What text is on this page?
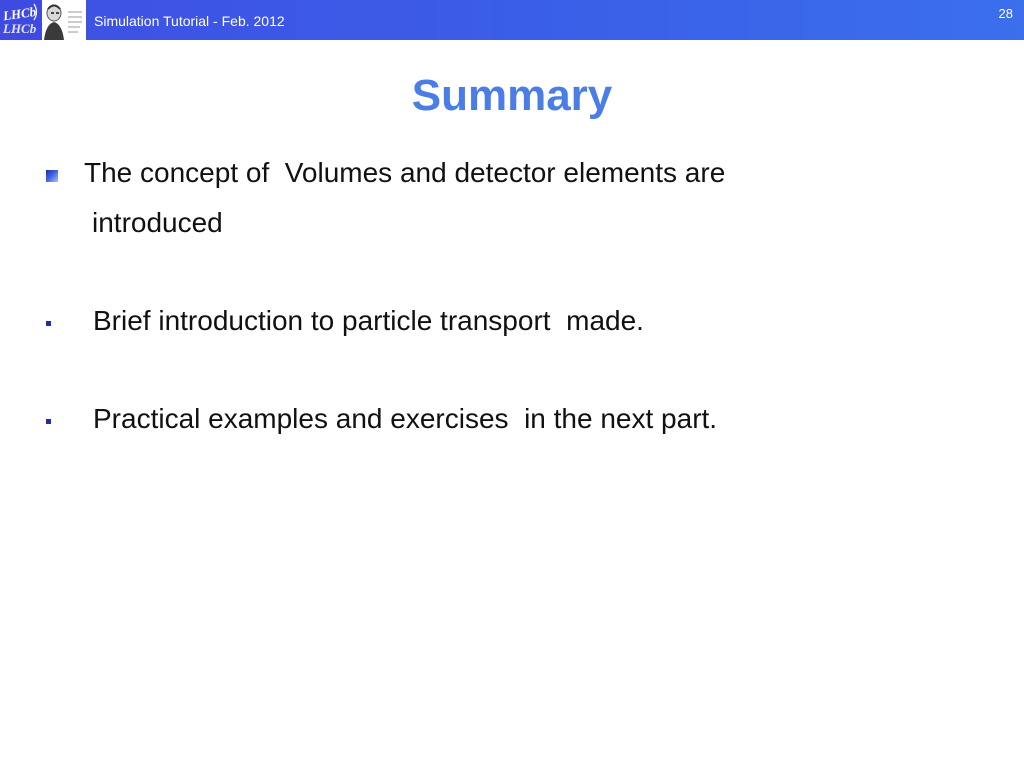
LHCb
LHCb	Simulation Tutorial - Feb. 2012	28
Summary
The concept of  Volumes and detector elements are
introduced
Brief introduction to particle transport  made.
Practical examples and exercises  in the next part.
